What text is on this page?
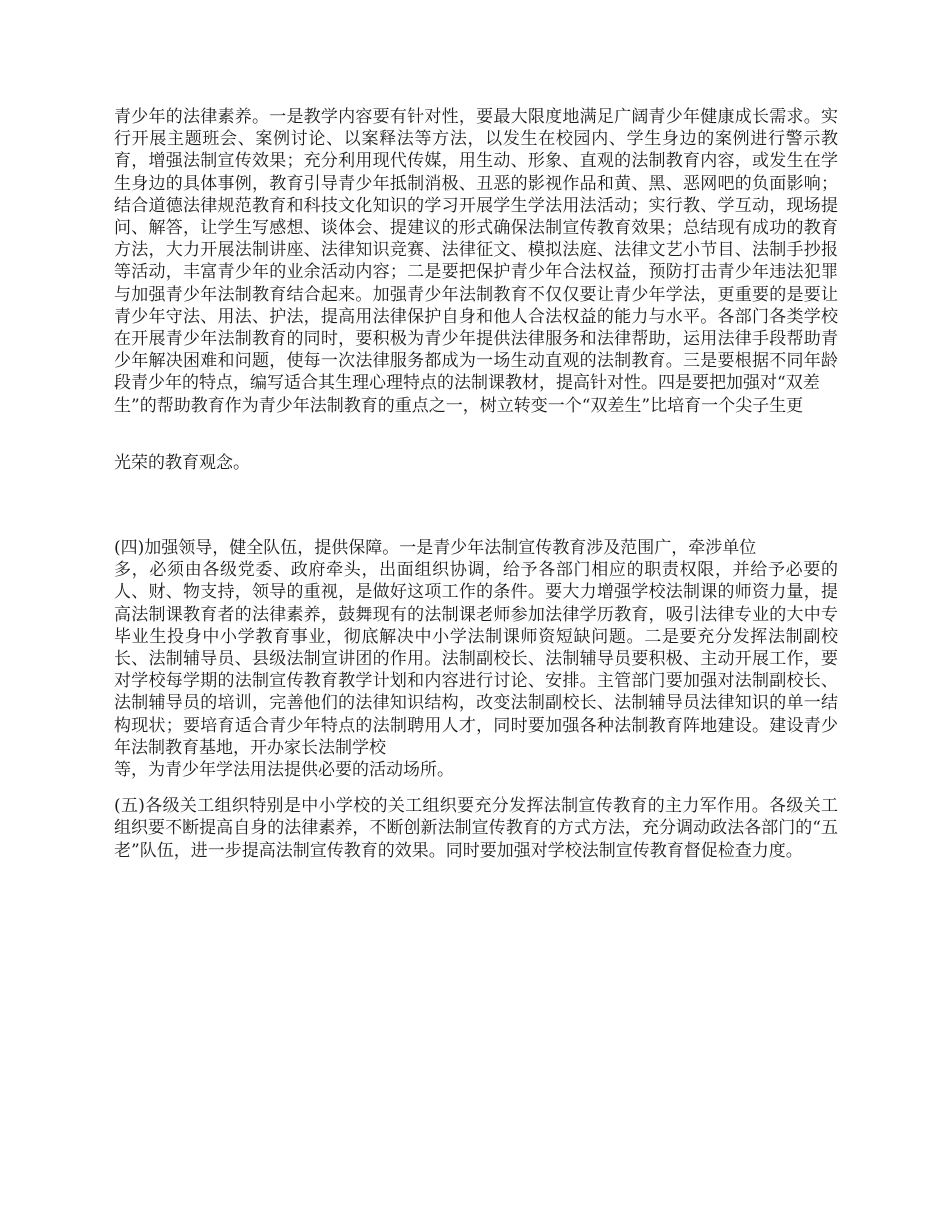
青少年的法律素养。一是教学内容要有针对性，要最大限度地满足广阔青少年健康成长需求。实行开展主题班会、案例讨论、以案释法等方法，以发生在校园内、学生身边的案例进行警示教育，增强法制宣传效果；充分利用现代传媒，用生动、形象、直观的法制教育内容，或发生在学生身边的具体事例，教育引导青少年抵制消极、丑恶的影视作品和黄、黑、恶网吧的负面影响；结合道德法律规范教育和科技文化知识的学习开展学生学法用法活动；实行教、学互动，现场提问、解答，让学生写感想、谈体会、提建议的形式确保法制宣传教育效果；总结现有成功的教育方法，大力开展法制讲座、法律知识竞赛、法律征文、模拟法庭、法律文艺小节目、法制手抄报等活动，丰富青少年的业余活动内容；二是要把保护青少年合法权益，预防打击青少年违法犯罪与加强青少年法制教育结合起来。加强青少年法制教育不仅仅要让青少年学法，更重要的是要让青少年守法、用法、护法，提高用法律保护自身和他人合法权益的能力与水平。各部门各类学校在开展青少年法制教育的同时，要积极为青少年提供法律服务和法律帮助，运用法律手段帮助青少年解决困难和问题，使每一次法律服务都成为一场生动直观的法制教育。三是要根据不同年龄段青少年的特点，编写适合其生理心理特点的法制课教材，提高针对性。四是要把加强对“双差
生”的帮助教育作为青少年法制教育的重点之一，树立转变一个“双差生”比培育一个尖子生更

光荣的教育观念。

(四)加强领导，健全队伍，提供保障。一是青少年法制宣传教育涉及范围广，牵涉单位
多，必须由各级党委、政府牵头，出面组织协调，给予各部门相应的职责权限，并给予必要的人、财、物支持，领导的重视，是做好这项工作的条件。要大力增强学校法制课的师资力量，提高法制课教育者的法律素养，鼓舞现有的法制课老师参加法律学历教育，吸引法律专业的大中专毕业生投身中小学教育事业，彻底解决中小学法制课师资短缺问题。二是要充分发挥法制副校长、法制辅导员、县级法制宣讲团的作用。法制副校长、法制辅导员要积极、主动开展工作，要对学校每学期的法制宣传教育教学计划和内容进行讨论、安排。主管部门要加强对法制副校长、法制辅导员的培训，完善他们的法律知识结构，改变法制副校长、法制辅导员法律知识的单一结构现状；要培育适合青少年特点的法制聘用人才，同时要加强各种法制教育阵地建设。建设青少年法制教育基地，开办家长法制学校
等，为青少年学法用法提供必要的活动场所。

(五)各级关工组织特别是中小学校的关工组织要充分发挥法制宣传教育的主力军作用。各级关工组织要不断提高自身的法律素养，不断创新法制宣传教育的方式方法，充分调动政法各部门的“五老”队伍，进一步提高法制宣传教育的效果。同时要加强对学校法制宣传教育督促检查力度。
